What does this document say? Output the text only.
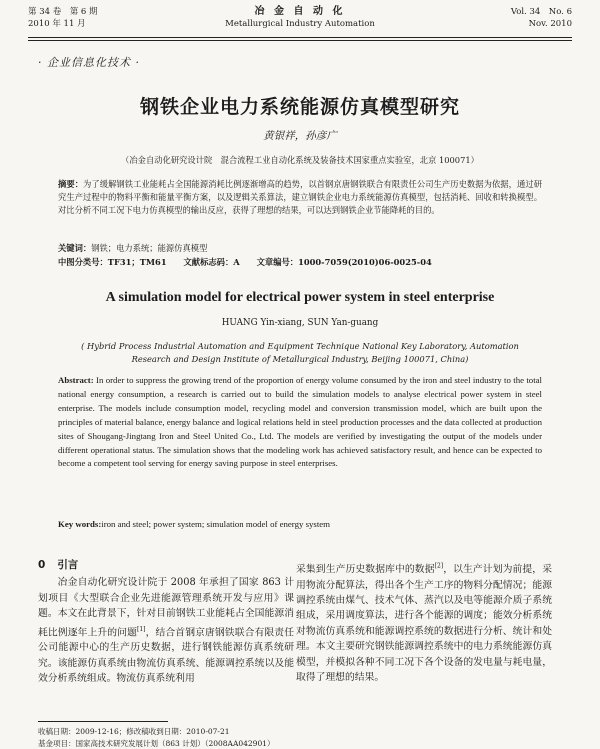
第 34 卷　第 6 期
2010 年 11 月
冶 金 自 动 化
Metallurgical Industry Automation
Vol. 34　No. 6
Nov. 2010
· 企业信息化技术 ·
钢铁企业电力系统能源仿真模型研究
黄银祥，孙彦广
（冶金自动化研究设计院　混合流程工业自动化系统及装备技术国家重点实验室，北京 100071）
摘要：为了缓解钢铁工业能耗占全国能源消耗比例逐渐增高的趋势，以首钢京唐钢铁联合有限责任公司生产历史数据为依据，通过研究生产过程中的物料平衡和能量平衡方案，以及逻辑关系算法，建立钢铁企业电力系统能源仿真模型，包括消耗、回收和转换模型。对比分析不同工况下电力仿真模型的输出反应，获得了理想的结果，可以达到钢铁企业节能降耗的目的。
关键词：钢铁；电力系统；能源仿真模型
中图分类号：TF31；TM61 文献标志码：A 文章编号：1000-7059(2010)06-0025-04
A simulation model for electrical power system in steel enterprise
HUANG Yin-xiang, SUN Yan-guang
( Hybrid Process Industrial Automation and Equipment Technique National Key Laboratory, Automation Research and Design Institute of Metallurgical Industry, Beijing 100071, China)
Abstract: In order to suppress the growing trend of the proportion of energy volume consumed by the iron and steel industry to the total national energy consumption, a research is carried out to build the simulation models to analyse electrical power system in steel enterprise. The models include consumption model, recycling model and conversion transmission model, which are built upon the principles of material balance, energy balance and logical relations held in steel production processes and the data collected at production sites of Shougang-Jingtang Iron and Steel United Co., Ltd. The models are verified by investigating the output of the models under different operational status. The simulation shows that the modeling work has achieved satisfactory result, and hence can be expected to become a competent tool serving for energy saving purpose in steel enterprises.
Key words:iron and steel; power system; simulation model of energy system
0 引言
冶金自动化研究设计院于 2008 年承担了国家 863 计划项目《大型联合企业先进能源管理系统开发与应用》课题。本文在此背景下，针对目前钢铁工业能耗占全国能源消耗比例逐年上升的问题[1]，结合首钢京唐钢铁联合有限责任公司能源中心的生产历史数据，进行钢铁能源仿真系统研究。该能源仿真系统由物流仿真系统、能源调控系统以及能效分析系统组成。物流仿真系统利用
采集到生产历史数据库中的数据[2]，以生产计划为前提，采用物流分配算法，得出各个生产工序的物料分配情况；能源调控系统由煤气、技术气体、蒸汽以及电等能源介质子系统组成，采用调度算法，进行各个能源的调度；能效分析系统对物流仿真系统和能源调控系统的数据进行分析、统计和处理。本文主要研究钢铁能源调控系统中的电力系统能源仿真模型，并模拟各种不同工况下各个设备的发电量与耗电量，取得了理想的结果。
收稿日期：2009-12-16；修改稿收到日期：2010-07-21
基金项目：国家高技术研究发展计划（863 计划）（2008AA042901）
